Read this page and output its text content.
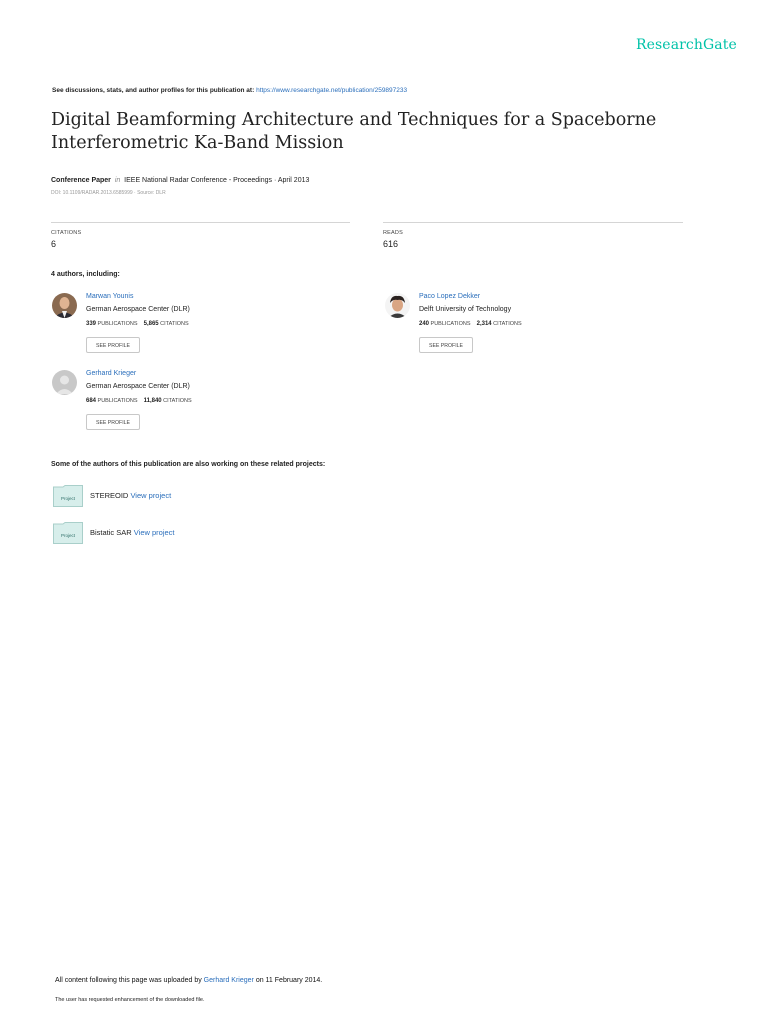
ResearchGate
See discussions, stats, and author profiles for this publication at: https://www.researchgate.net/publication/259897233
Digital Beamforming Architecture and Techniques for a Spaceborne
Interferometric Ka-Band Mission
Conference Paper in IEEE National Radar Conference - Proceedings · April 2013
DOI: 10.1109/RADAR.2013.6585999 · Source: DLR
CITATIONS
6
READS
616
4 authors, including:
Marwan Younis
German Aerospace Center (DLR)
339 PUBLICATIONS 5,865 CITATIONS
SEE PROFILE
Paco Lopez Dekker
Delft University of Technology
240 PUBLICATIONS 2,314 CITATIONS
SEE PROFILE
Gerhard Krieger
German Aerospace Center (DLR)
684 PUBLICATIONS 11,840 CITATIONS
SEE PROFILE
Some of the authors of this publication are also working on these related projects:
Project STEREOID View project
Project Bistatic SAR View project
All content following this page was uploaded by Gerhard Krieger on 11 February 2014.
The user has requested enhancement of the downloaded file.
